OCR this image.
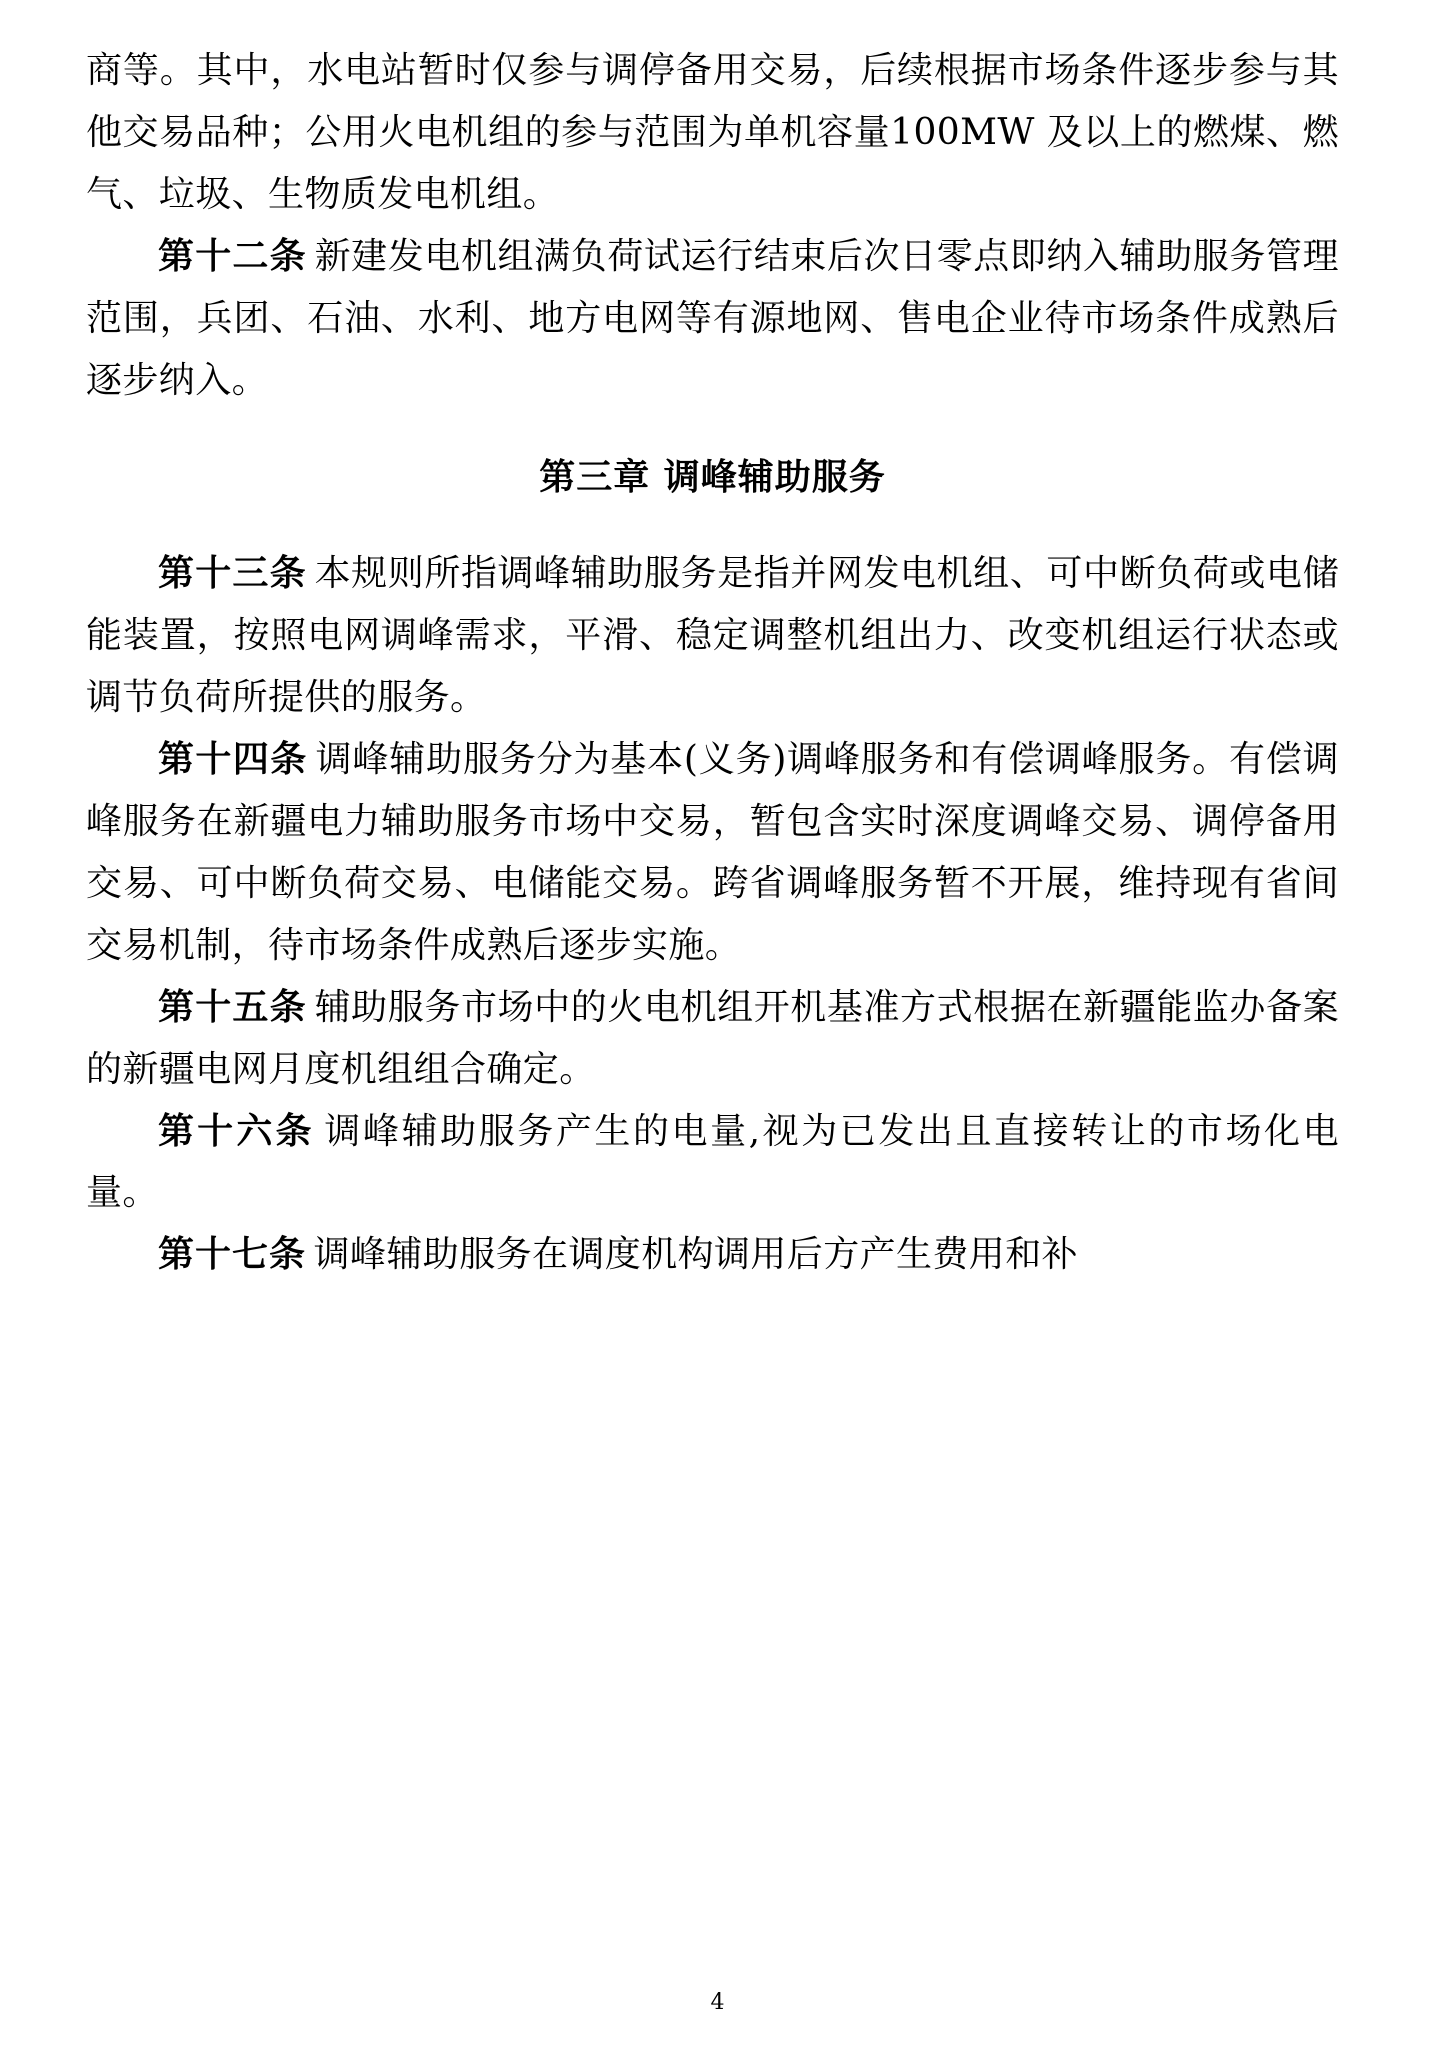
商等。其中，水电站暂时仅参与调停备用交易，后续根据市场条件逐步参与其他交易品种；公用火电机组的参与范围为单机容量100MW 及以上的燃煤、燃气、垃圾、生物质发电机组。

第十二条  新建发电机组满负荷试运行结束后次日零点即纳入辅助服务管理范围，兵团、石油、水利、地方电网等有源地网、售电企业待市场条件成熟后逐步纳入。

第三章 调峰辅助服务

第十三条  本规则所指调峰辅助服务是指并网发电机组、可中断负荷或电储能装置，按照电网调峰需求，平滑、稳定调整机组出力、改变机组运行状态或调节负荷所提供的服务。

第十四条  调峰辅助服务分为基本(义务)调峰服务和有偿调峰服务。有偿调峰服务在新疆电力辅助服务市场中交易，暂包含实时深度调峰交易、调停备用交易、可中断负荷交易、电储能交易。跨省调峰服务暂不开展，维持现有省间交易机制，待市场条件成熟后逐步实施。

第十五条  辅助服务市场中的火电机组开机基准方式根据在新疆能监办备案的新疆电网月度机组组合确定。

第十六条  调峰辅助服务产生的电量,视为已发出且直接转让的市场化电量。

第十七条  调峰辅助服务在调度机构调用后方产生费用和补

4
